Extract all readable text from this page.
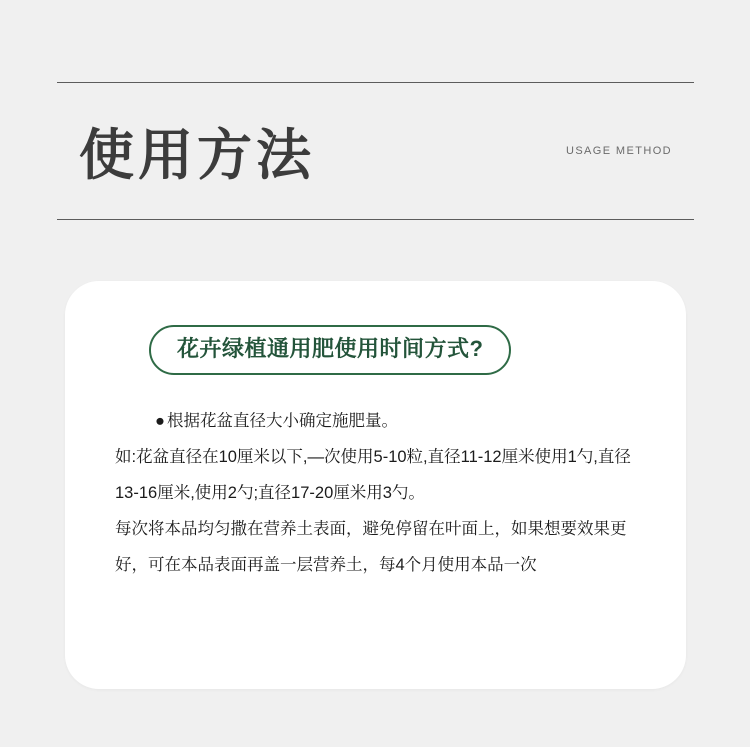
使用方法	USAGE METHOD
花卉绿植通用肥使用时间方式?

● 根据花盆直径大小确定施肥量。

如:花盆直径在10厘米以下,—次使用5-10粒,直径11-12厘米使用1勺,直径13-16厘米,使用2勺;直径17-20厘米用3勺。

每次将本品均匀撒在营养土表面，避免停留在叶面上，如果想要效果更好，可在本品表面再盖一层营养土，每4个月使用本品一次
